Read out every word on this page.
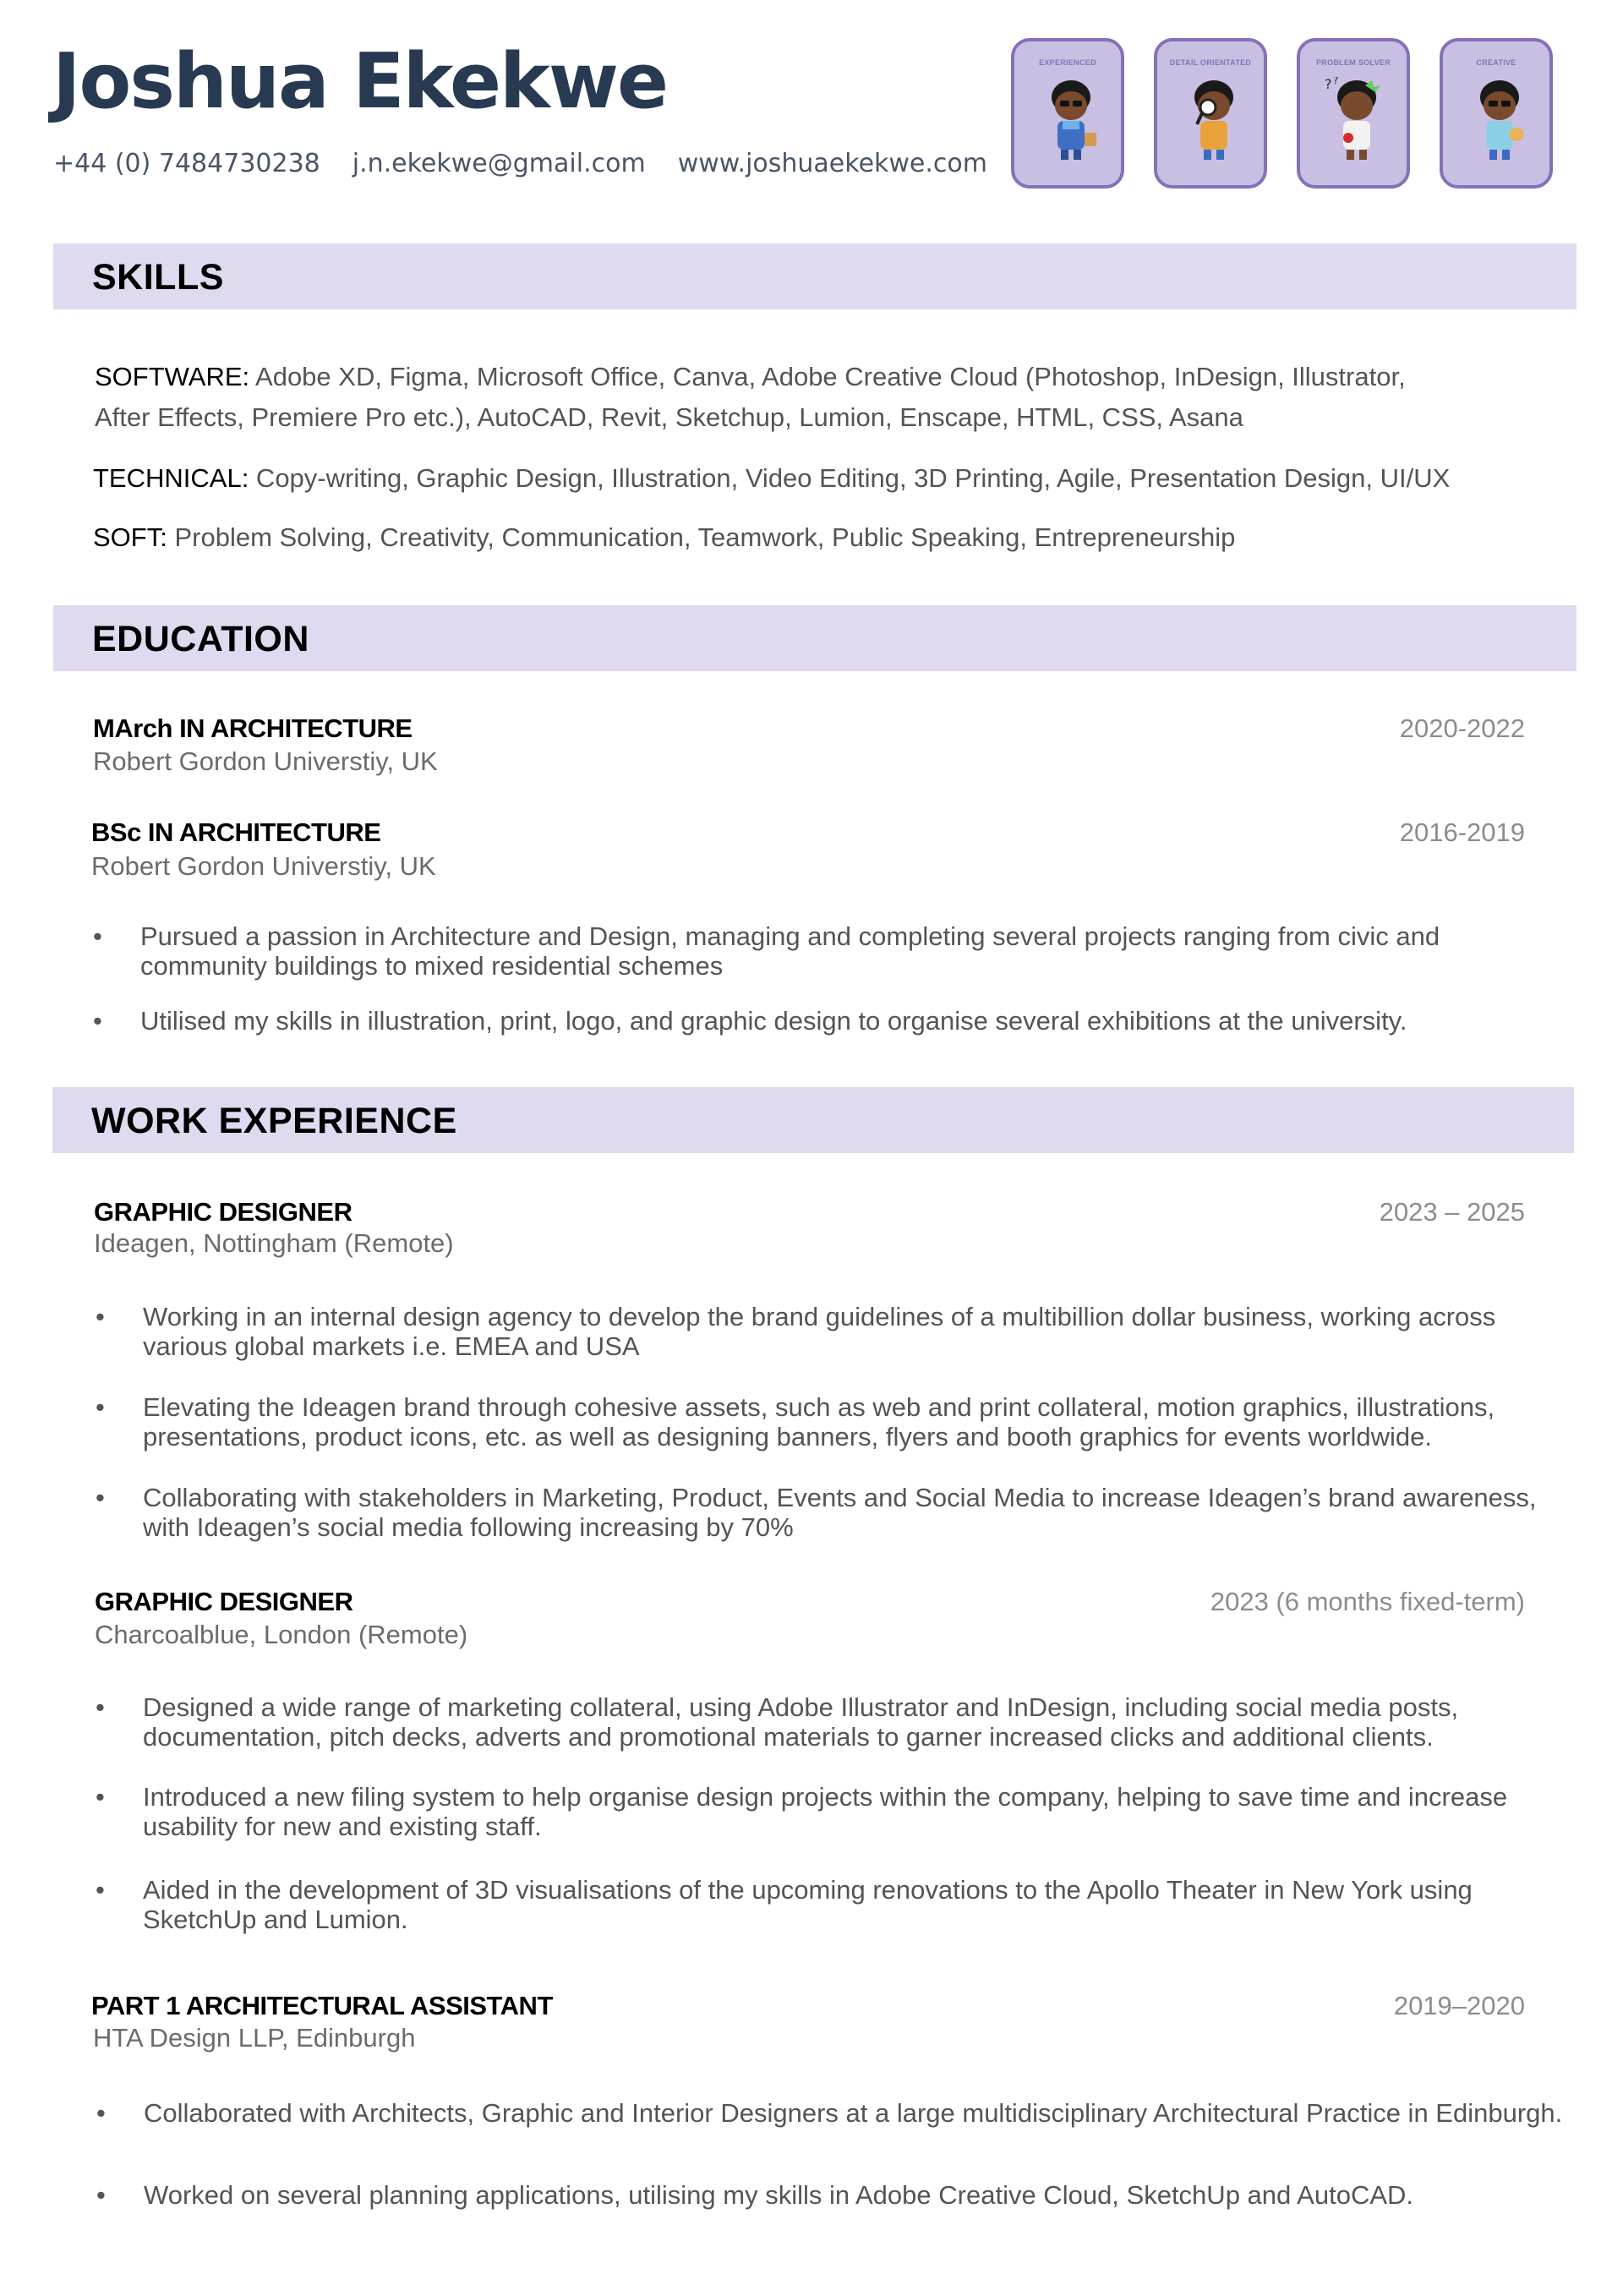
Joshua Ekekwe
+44 (0) 7484730238 j.n.ekekwe@gmail.com www.joshuaekekwe.com
EXPERIENCED	DETAIL ORIENTATED	PROBLEM SOLVER
? ?
CREATIVE
SKILLS
SOFTWARE: Adobe XD, Figma, Microsoft Office, Canva, Adobe Creative Cloud (Photoshop, InDesign, Illustrator,
After Effects, Premiere Pro etc.), AutoCAD, Revit, Sketchup, Lumion, Enscape, HTML, CSS, Asana
TECHNICAL: Copy-writing, Graphic Design, Illustration, Video Editing, 3D Printing, Agile, Presentation Design, UI/UX
SOFT: Problem Solving, Creativity, Communication, Teamwork, Public Speaking, Entrepreneurship
EDUCATION
MArch IN ARCHITECTURE	2020-2022
Robert Gordon Universtiy, UK
BSc IN ARCHITECTURE	2016-2019
Robert Gordon Universtiy, UK
• Pursued a passion in Architecture and Design, managing and completing several projects ranging from civic and community buildings to mixed residential schemes
• Utilised my skills in illustration, print, logo, and graphic design to organise several exhibitions at the university.
WORK EXPERIENCE
GRAPHIC DESIGNER	2023 – 2025
Ideagen, Nottingham (Remote)
• Working in an internal design agency to develop the brand guidelines of a multibillion dollar business, working across various global markets i.e. EMEA and USA
• Elevating the Ideagen brand through cohesive assets, such as web and print collateral, motion graphics, illustrations, presentations, product icons, etc. as well as designing banners, flyers and booth graphics for events worldwide.
• Collaborating with stakeholders in Marketing, Product, Events and Social Media to increase Ideagen’s brand awareness, with Ideagen’s social media following increasing by 70%
GRAPHIC DESIGNER	2023 (6 months fixed-term)
Charcoalblue, London (Remote)
• Designed a wide range of marketing collateral, using Adobe Illustrator and InDesign, including social media posts, documentation, pitch decks, adverts and promotional materials to garner increased clicks and additional clients.
• Introduced a new filing system to help organise design projects within the company, helping to save time and increase usability for new and existing staff.
• Aided in the development of 3D visualisations of the upcoming renovations to the Apollo Theater in New York using SketchUp and Lumion.
PART 1 ARCHITECTURAL ASSISTANT	2019–2020
HTA Design LLP, Edinburgh
• Collaborated with Architects, Graphic and Interior Designers at a large multidisciplinary Architectural Practice in Edinburgh.
• Worked on several planning applications, utilising my skills in Adobe Creative Cloud, SketchUp and AutoCAD.
